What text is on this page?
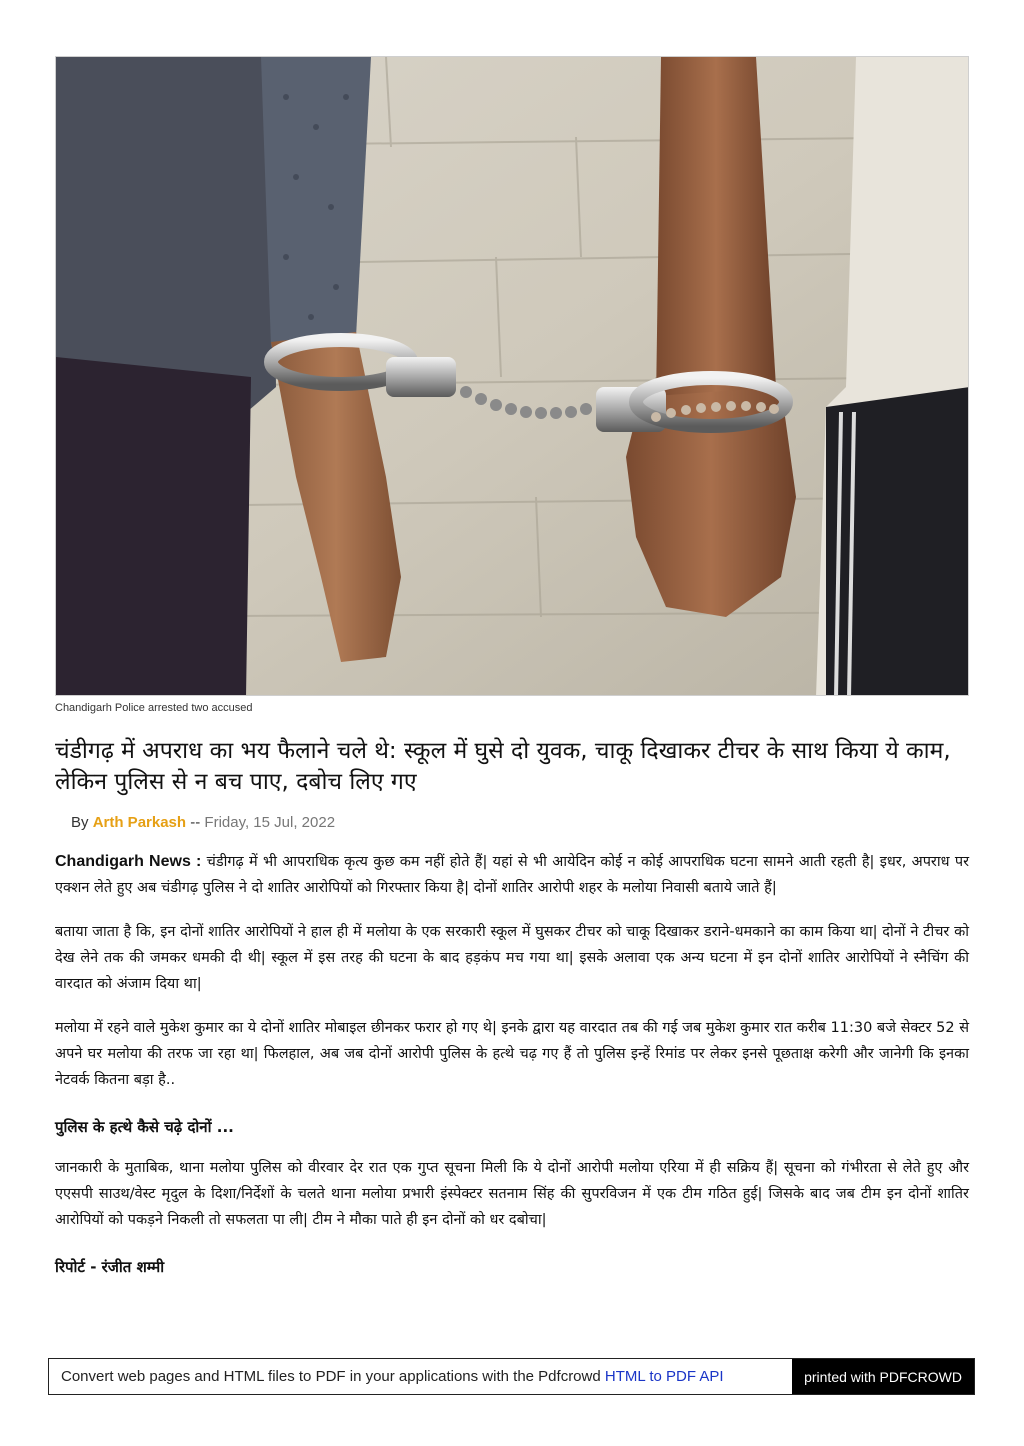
Chandigarh Police arrested two accused
चंडीगढ़ में अपराध का भय फैलाने चले थे: स्कूल में घुसे दो युवक, चाकू दिखाकर टीचर के साथ किया ये काम, लेकिन पुलिस से न बच पाए, दबोच लिए गए
By Arth Parkash -- Friday, 15 Jul, 2022

Chandigarh News : चंडीगढ़ में भी आपराधिक कृत्य कुछ कम नहीं होते हैं| यहां से भी आयेदिन कोई न कोई आपराधिक घटना सामने आती रहती है| इधर, अपराध पर एक्शन लेते हुए अब चंडीगढ़ पुलिस ने दो शातिर आरोपियों को गिरफ्तार किया है| दोनों शातिर आरोपी शहर के मलोया निवासी बताये जाते हैं|

बताया जाता है कि, इन दोनों शातिर आरोपियों ने हाल ही में मलोया के एक सरकारी स्कूल में घुसकर टीचर को चाकू दिखाकर डराने-धमकाने का काम किया था| दोनों ने टीचर को देख लेने तक की जमकर धमकी दी थी| स्कूल में इस तरह की घटना के बाद हड़कंप मच गया था| इसके अलावा एक अन्य घटना में इन दोनों शातिर आरोपियों ने स्नैचिंग की वारदात को अंजाम दिया था|

मलोया में रहने वाले मुकेश कुमार का ये दोनों शातिर मोबाइल छीनकर फरार हो गए थे| इनके द्वारा यह वारदात तब की गई जब मुकेश कुमार रात करीब 11:30 बजे सेक्टर 52 से अपने घर मलोया की तरफ जा रहा था| फिलहाल, अब जब दोनों आरोपी पुलिस के हत्थे चढ़ गए हैं तो पुलिस इन्हें रिमांड पर लेकर इनसे पूछताक्ष करेगी और जानेगी कि इनका नेटवर्क कितना बड़ा है..

पुलिस के हत्थे कैसे चढ़े दोनों ...

जानकारी के मुताबिक, थाना मलोया पुलिस को वीरवार देर रात एक गुप्त सूचना मिली कि ये दोनों आरोपी मलोया एरिया में ही सक्रिय हैं| सूचना को गंभीरता से लेते हुए और एएसपी साउथ/वेस्ट मृदुल के दिशा/निर्देशों के चलते थाना मलोया प्रभारी इंस्पेक्टर सतनाम सिंह की सुपरविजन में एक टीम गठित हुई| जिसके बाद जब टीम इन दोनों शातिर आरोपियों को पकड़ने निकली तो सफलता पा ली| टीम ने मौका पाते ही इन दोनों को धर दबोचा|

रिपोर्ट - रंजीत शम्मी
Convert web pages and HTML files to PDF in your applications with the Pdfcrowd HTML to PDF API	printed with PDFCROWD
